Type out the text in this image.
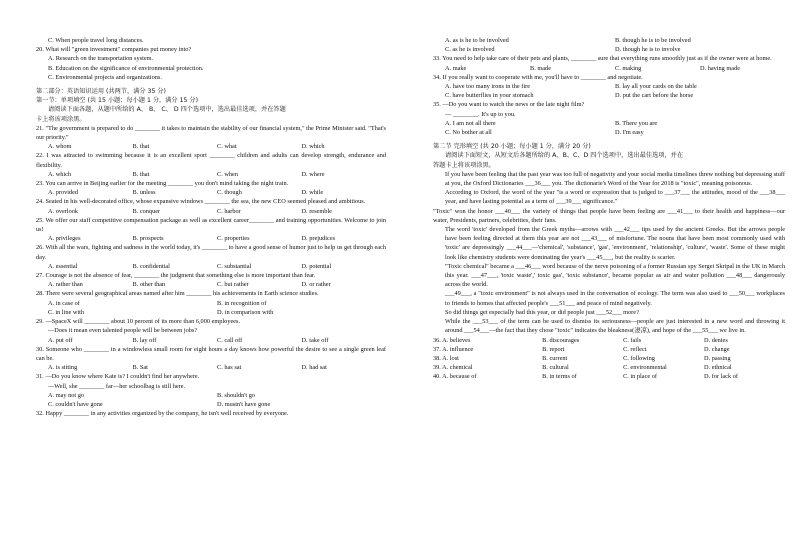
C. When people travel long distances.

20. What will "green investment" companies put money into?

A. Research on the transportation system.

B. Education on the significance of environmental protection.

C. Environmental projects and organizations.

第二部分：英语知识运用 (共两节，满分 35 分)

第一节：单项填空 (共 15 小题；每小题 1 分，满分 15 分)

请阅读下面各题，从题中所给的 A、 B、 C、 D 四个选项中，选出最佳选项，并在答题

卡上将该项涂黑。

21. "The government is prepared to do ________ it takes to maintain the stability of our financial system," the Prime Minister said. "That's our priority."

A. whom	B. that	C. what	D. which

22. I was attracted to swimming because it is an excellent sport ________ children and adults can develop strength, endurance and flexibility.

A. which	B. that	C. when	D. where

23. You can arrive in Beijing earlier for the meeting ________ you don't mind taking the night train.

A. provided	B. unless	C. though	D. while

24. Seated in his well-decorated office, whose expansive windows ________ the sea, the new CEO seemed pleased and ambitious.

A. overlook	B. conquer	C. harbor	D. resemble

25. We offer our staff competitive compensation package as well as excellent career________ and training opportunities. Welcome to join us!

A. privileges	B. prospects	C. properties	D. prejudices

26. With all the wars, fighting and sadness in the world today, it's ________ to have a good sense of humor just to help us get through each day.

A. essential	B. confidential	C. substantial	D. potential

27. Courage is not the absence of fear, ________ the judgment that something else is more important than fear.

A. rather than	B. other than	C. but rather	D. or rather

28. There were several geographical areas named after him ________ his achievements in Earth science studies.

A. in case of	B. in recognition of
C. in line with	D. in comparison with

29. —SpaceX will ________ about 10 percent of its more than 6,000 employees.

—Does it mean even talented people will be between jobs?

A. put off	B. lay off	C. call off	D. take off

30. Someone who ________ in a windowless small room for eight hours a day knows how powerful the desire to see a single green leaf can be.

A. is sitting	B. Sat	C. has sat	D. had sat

31. —Do you know where Kate is? I couldn't find her anywhere.

—Well, she ________ far—her schoolbag is still here.

A. may not go	B. shouldn't go
C. couldn't have gone	D. mustn't have gone

32. Happy ________ in any activities organized by the company, he isn't well received by everyone.

A. as is he to be involved	B. though he is to be involved
C. as he is involved	D. though he is to involve

33. You need to help take care of their pets and plants, ________ sure that everything runs smoothly just as if the owner were at home.

A. make	B. made	C. making	D. having made

34. If you really want to cooperate with me, you'll have to ________ and negotiate.

A. have too many irons in the fire	B. lay all your cards on the table
C. have butterflies in your stomach	D. put the cart before the horse

35. —Do you want to watch the news or the late night film?

— ________. It's up to you.

A. I am not all there	B. There you are
C. No bother at all	D. I'm easy

第二节 完形填空 (共 20 小题；每小题 1 分，满分 20 分)

请阅读下面短文，从短文后各题所给的 A、B、C、D 四个选项中，选出最佳选项，并在

答题卡上将该项涂黑。

If you have been feeling that the past year was too full of negativity and your social media timelines threw nothing but depressing stuff at you, the Oxford Dictionaries ___36___ you. The dictionarie's Word of the Year for 2018 is "toxic", meaning poisonous.

According to Oxford, the word of the year "is a word or expression that is judged to ___37___ the attitudes, mood of the ___38___ year, and have lasting potential as a term of ___39___ significance."

"Toxic" won the honor ___40___ the variety of things that people have been feeling are ___41___ to their health and happiness—our water, Presidents, partners, celebrities, their fans.

The word 'toxic' developed from the Greek myths—arrows with ___42___ tips used by the ancient Greeks. But the arrows people have been feeling directed at them this year are not ___43___ of misfortune. The nouns that have been most commonly used with 'toxic' are depressingly ___44___—'chemical', 'substance', 'gas', 'environment', 'relationship', 'culture', 'waste'. Some of these might look like chemistry students were dominating the year's ___45___, but the reality is scarier.

"Toxic chemical" became a ___46___ word because of the nerve poisoning of a former Russian spy Sergei Skripal in the UK in March this year. ___47___, 'toxic waste',' toxic gas', 'toxic substance', became popular as air and water pollution ___48___ dangerously across the world.

___49___, a "toxic environment" is not always used in the conversation of ecology. The term was also used to ___50___ workplaces to friends to homes that affected people's ___51___ and peace of mind negatively.

So did things get especially bad this year, or did people just ___52___ more?

While the ___53___ of the term can be used to dismiss its seriousness—people are just interested in a new word and throwing it around ___54___—the fact that they chose "toxic" indicates the bleakness(凄凉), and hope of the ___55___ we live in.

36. A. believes	B. discourages	C. fails	D. denies
37. A. influence	B. report	C. reflect	D. change
38. A. lost	B. current	C. following	D. passing
39. A. chemical	B. cultural	C. environmental	D. ethnical
40. A. because of	B. in terms of	C. in place of	D. for lack of
